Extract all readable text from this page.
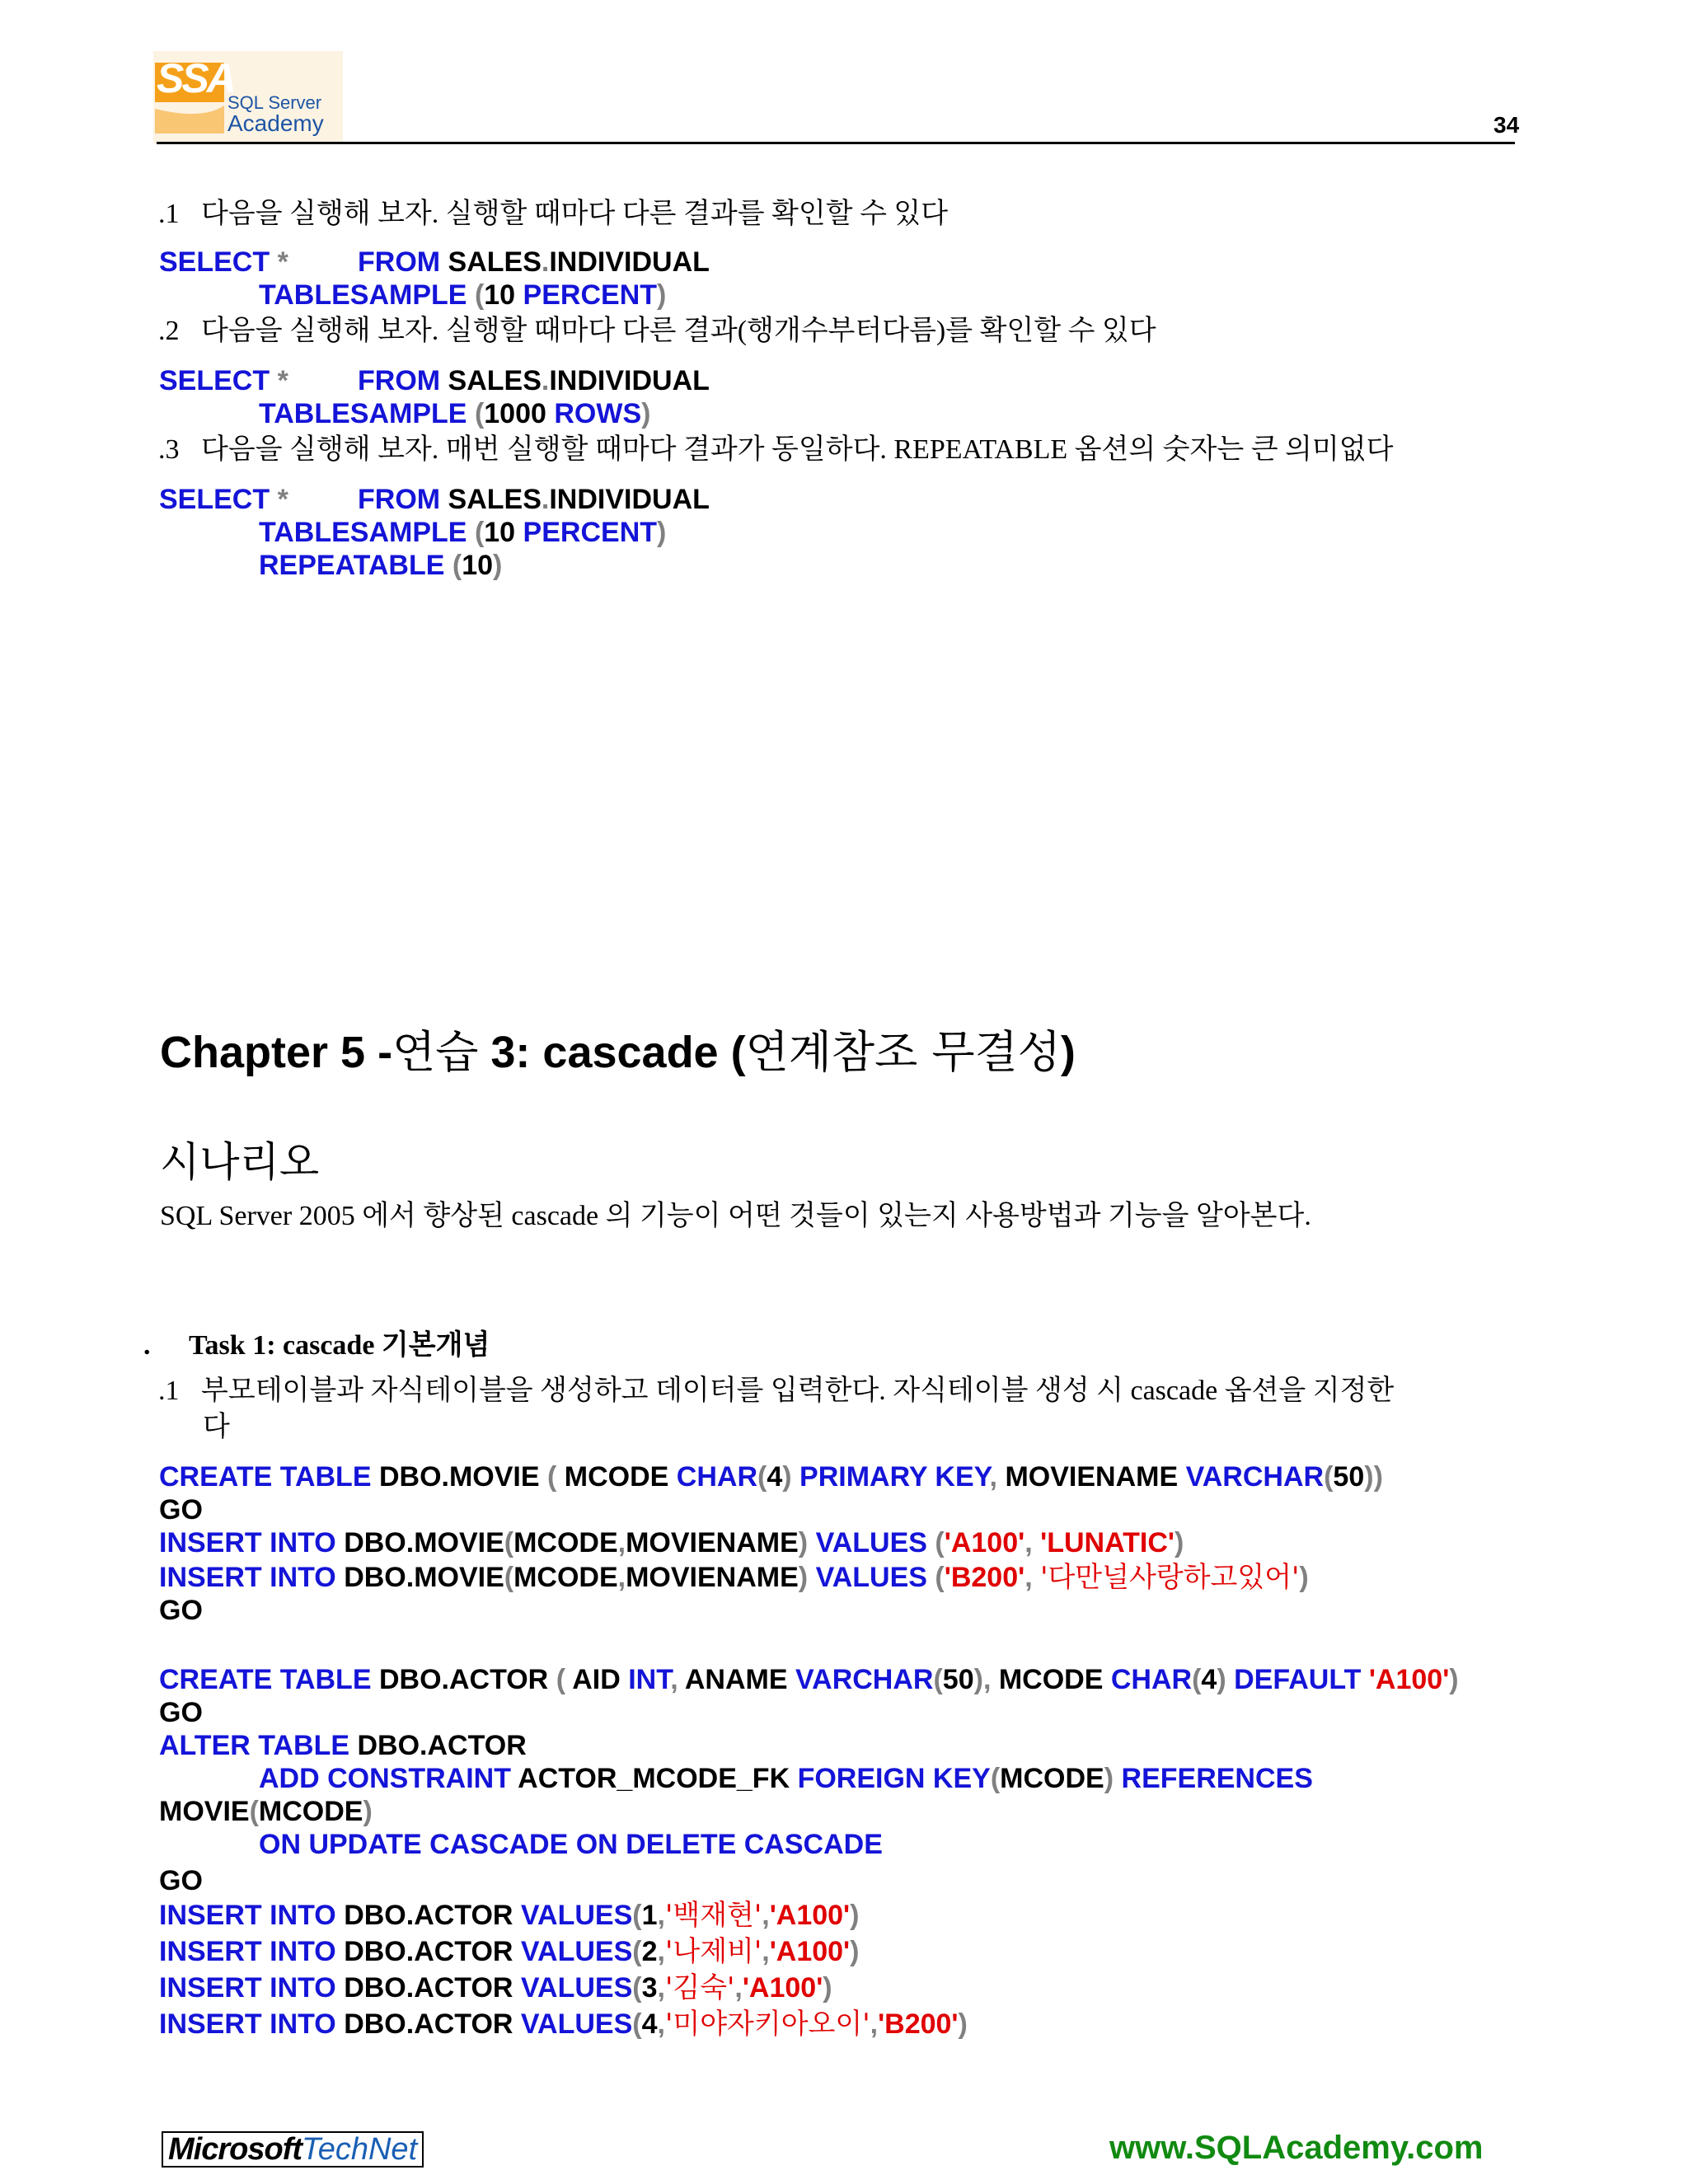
SSA
SQL Server
Academy	34
.1 다음을 실행해 보자. 실행할 때마다 다른 결과를 확인할 수 있다
SELECT * FROM SALES.INDIVIDUAL
TABLESAMPLE (10 PERCENT)
.2 다음을 실행해 보자. 실행할 때마다 다른 결과(행개수부터다름)를 확인할 수 있다
SELECT * FROM SALES.INDIVIDUAL
TABLESAMPLE (1000 ROWS)
.3 다음을 실행해 보자. 매번 실행할 때마다 결과가 동일하다. REPEATABLE 옵션의 숫자는 큰 의미없다
SELECT * FROM SALES.INDIVIDUAL
TABLESAMPLE (10 PERCENT)
REPEATABLE (10)
Chapter 5 -연습 3: cascade (연계참조 무결성)
시나리오
SQL Server 2005 에서 향상된 cascade 의 기능이 어떤 것들이 있는지 사용방법과 기능을 알아본다.
. Task 1: cascade 기본개념
.1 부모테이블과 자식테이블을 생성하고 데이터를 입력한다. 자식테이블 생성 시 cascade 옵션을 지정한
다
CREATE TABLE DBO.MOVIE ( MCODE CHAR(4) PRIMARY KEY, MOVIENAME VARCHAR(50))
GO
INSERT INTO DBO.MOVIE(MCODE,MOVIENAME) VALUES ('A100', 'LUNATIC')
INSERT INTO DBO.MOVIE(MCODE,MOVIENAME) VALUES ('B200', '다만널사랑하고있어')
GO
CREATE TABLE DBO.ACTOR ( AID INT, ANAME VARCHAR(50), MCODE CHAR(4) DEFAULT 'A100')
GO
ALTER TABLE DBO.ACTOR
ADD CONSTRAINT ACTOR_MCODE_FK FOREIGN KEY(MCODE) REFERENCES
MOVIE(MCODE)
ON UPDATE CASCADE ON DELETE CASCADE
GO
INSERT INTO DBO.ACTOR VALUES(1,'백재현','A100')
INSERT INTO DBO.ACTOR VALUES(2,'나제비','A100')
INSERT INTO DBO.ACTOR VALUES(3,'김숙','A100')
INSERT INTO DBO.ACTOR VALUES(4,'미야자키아오이','B200')
Microsoft TechNet	www.SQLAcademy.com
